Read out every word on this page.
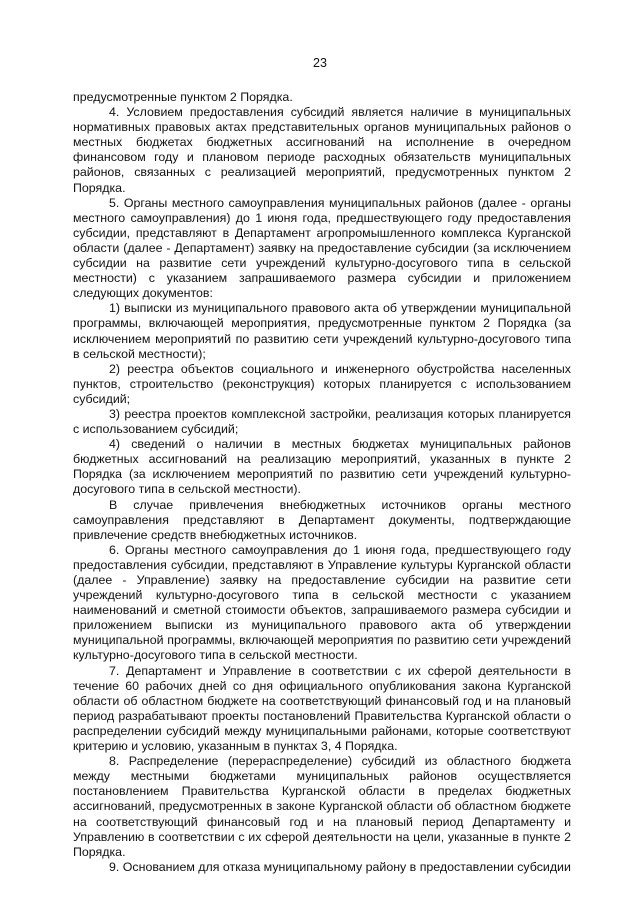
23

предусмотренные пунктом 2 Порядка.

4. Условием предоставления субсидий является наличие в муниципальных нормативных правовых актах представительных органов муниципальных районов о местных бюджетах бюджетных ассигнований на исполнение в очередном финансовом году и плановом периоде расходных обязательств муниципальных районов, связанных с реализацией мероприятий, предусмотренных пунктом 2 Порядка.

5. Органы местного самоуправления муниципальных районов (далее - органы местного самоуправления) до 1 июня года, предшествующего году предоставления субсидии, представляют в Департамент агропромышленного комплекса Курганской области (далее - Департамент) заявку на предоставление субсидии (за исключением субсидии на развитие сети учреждений культурно-досугового типа в сельской местности) с указанием запрашиваемого размера субсидии и приложением следующих документов:

1) выписки из муниципального правового акта об утверждении муниципальной программы, включающей мероприятия, предусмотренные пунктом 2 Порядка (за исключением мероприятий по развитию сети учреждений культурно-досугового типа в сельской местности);

2) реестра объектов социального и инженерного обустройства населенных пунктов, строительство (реконструкция) которых планируется с использованием субсидий;

3) реестра проектов комплексной застройки, реализация которых планируется с использованием субсидий;

4) сведений о наличии в местных бюджетах муниципальных районов бюджетных ассигнований на реализацию мероприятий, указанных в пункте 2 Порядка (за исключением мероприятий по развитию сети учреждений культурно-досугового типа в сельской местности).

В случае привлечения внебюджетных источников органы местного самоуправления представляют в Департамент документы, подтверждающие привлечение средств внебюджетных источников.

6. Органы местного самоуправления до 1 июня года, предшествующего году предоставления субсидии, представляют в Управление культуры Курганской области (далее - Управление) заявку на предоставление субсидии на развитие сети учреждений культурно-досугового типа в сельской местности с указанием наименований и сметной стоимости объектов, запрашиваемого размера субсидии и приложением выписки из муниципального правового акта об утверждении муниципальной программы, включающей мероприятия по развитию сети учреждений культурно-досугового типа в сельской местности.

7. Департамент и Управление в соответствии с их сферой деятельности в течение 60 рабочих дней со дня официального опубликования закона Курганской области об областном бюджете на соответствующий финансовый год и на плановый период разрабатывают проекты постановлений Правительства Курганской области о распределении субсидий между муниципальными районами, которые соответствуют критерию и условию, указанным в пунктах 3, 4 Порядка.

8. Распределение (перераспределение) субсидий из областного бюджета между местными бюджетами муниципальных районов осуществляется постановлением Правительства Курганской области в пределах бюджетных ассигнований, предусмотренных в законе Курганской области об областном бюджете на соответствующий финансовый год и на плановый период Департаменту и Управлению в соответствии с их сферой деятельности на цели, указанные в пункте 2 Порядка.

9. Основанием для отказа муниципальному району в предоставлении субсидии
